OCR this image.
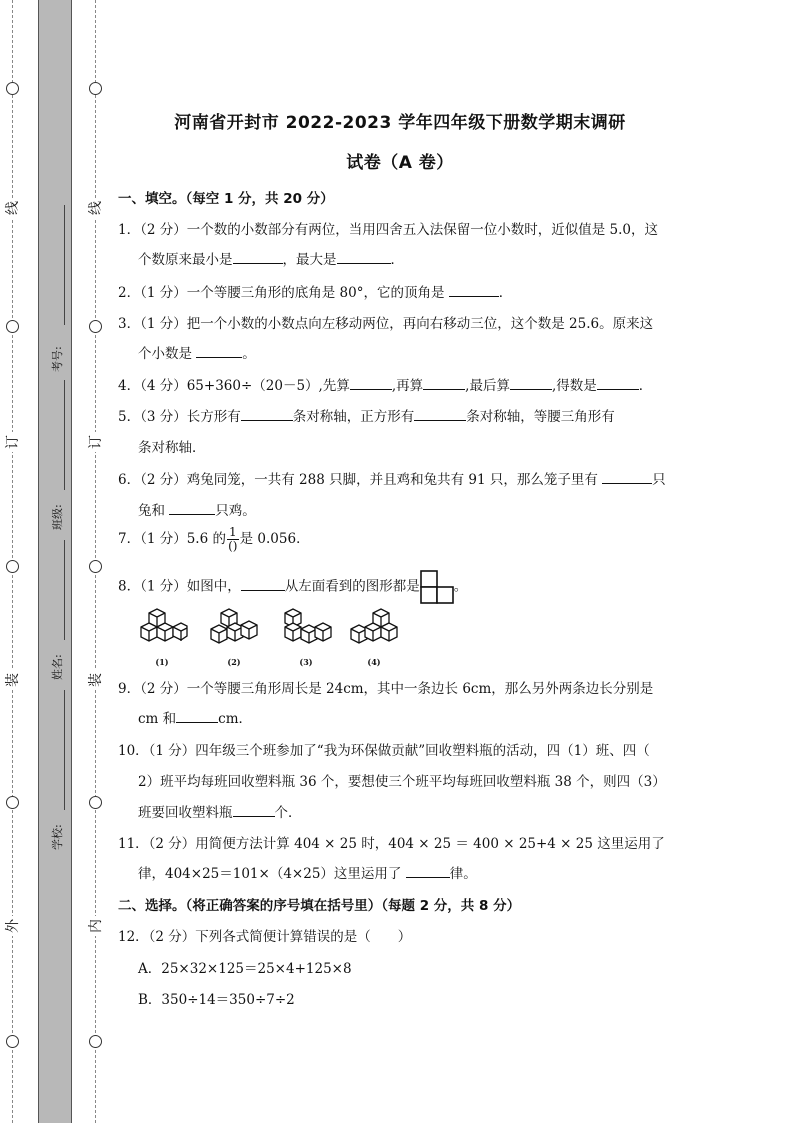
线
订
装
外
线
订
装
内
考号:
班级:
姓名:
学校:
河南省开封市 2022-2023 学年四年级下册数学期末调研
试卷（A 卷）
一、填空。（每空 1 分，共 20 分）
1．（2 分）一个数的小数部分有两位，当用四舍五入法保留一位小数时，近似值是 5.0，这
个数原来最小是	，最大是	．
2．（1 分）一个等腰三角形的底角是 80°，它的顶角是	．
3．（1 分）把一个小数的小数点向左移动两位，再向右移动三位，这个数是 25.6。原来这
个小数是	。
4．（4 分）65+360÷（20－5）,先算	,再算	,最后算	,得数是	．
5．（3 分）长方形有	条对称轴，正方形有	条对称轴，等腰三角形有
条对称轴．
6．（2 分）鸡兔同笼，一共有 288 只脚，并且鸡和兔共有 91 只，那么笼子里有	只
兔和	只鸡。
7．（1 分）5.6 的 $\frac{1}{()}$ 是 0.056．
8．（1 分）如图中，	从左面看到的图形都是	。
(1)	(2)	(3)	(4)
9．（2 分）一个等腰三角形周长是 24cm，其中一条边长 6cm，那么另外两条边长分别是
cm 和	cm．
10．（1 分）四年级三个班参加了“我为环保做贡献”回收塑料瓶的活动，四（1）班、四（
2）班平均每班回收塑料瓶 36 个，要想使三个班平均每班回收塑料瓶 38 个，则四（3）
班要回收塑料瓶	个．
11．（2 分）用简便方法计算 404 × 25 时，404 × 25 ＝ 400 × 25+4 × 25 这里运用了
律，404×25＝101×（4×25）这里运用了	律。
二、选择。（将正确答案的序号填在括号里）（每题 2 分，共 8 分）
12．（2 分）下列各式简便计算错误的是（　　）
A．25×32×125＝25×4+125×8
B．350÷14＝350÷7÷2
